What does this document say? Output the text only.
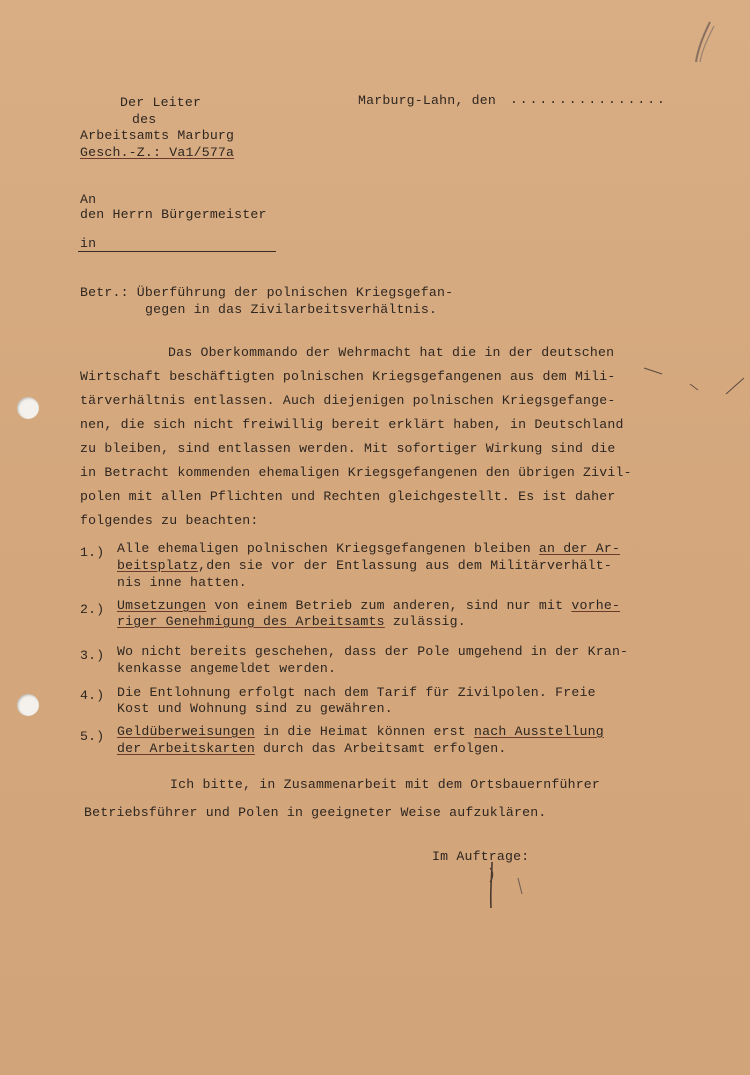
Der Leiter
des
Arbeitsamts Marburg
Gesch.-Z.: Va1/577a
Marburg-Lahn, den ................
An
den Herrn Bürgermeister
in
Betr.: Überführung der polnischen Kriegsgefan-
gegen in das Zivilarbeitsverhältnis.
Das Oberkommando der Wehrmacht hat die in der deutschen
Wirtschaft beschäftigten polnischen Kriegsgefangenen aus dem Mili-
tärverhältnis entlassen. Auch diejenigen polnischen Kriegsgefange-
nen, die sich nicht freiwillig bereit erklärt haben, in Deutschland
zu bleiben, sind entlassen werden. Mit sofortiger Wirkung sind die
in Betracht kommenden ehemaligen Kriegsgefangenen den übrigen Zivil-
polen mit allen Pflichten und Rechten gleichgestellt. Es ist daher
folgendes zu beachten:
1.) Alle ehemaligen polnischen Kriegsgefangenen bleiben an der Ar-
beitsplatz,den sie vor der Entlassung aus dem Militärverhält-
nis inne hatten.
2.) Umsetzungen von einem Betrieb zum anderen, sind nur mit vorhe-
riger Genehmigung des Arbeitsamts zulässig.
3.) Wo nicht bereits geschehen, dass der Pole umgehend in der Kran-
kenkasse angemeldet werden.
4.) Die Entlohnung erfolgt nach dem Tarif für Zivilpolen. Freie
Kost und Wohnung sind zu gewähren.
5.) Geldüberweisungen in die Heimat können erst nach Ausstellung
der Arbeitskarten durch das Arbeitsamt erfolgen.
Ich bitte, in Zusammenarbeit mit dem Ortsbauernführer
Betriebsführer und Polen in geeigneter Weise aufzuklären.
Im Auftrage:
